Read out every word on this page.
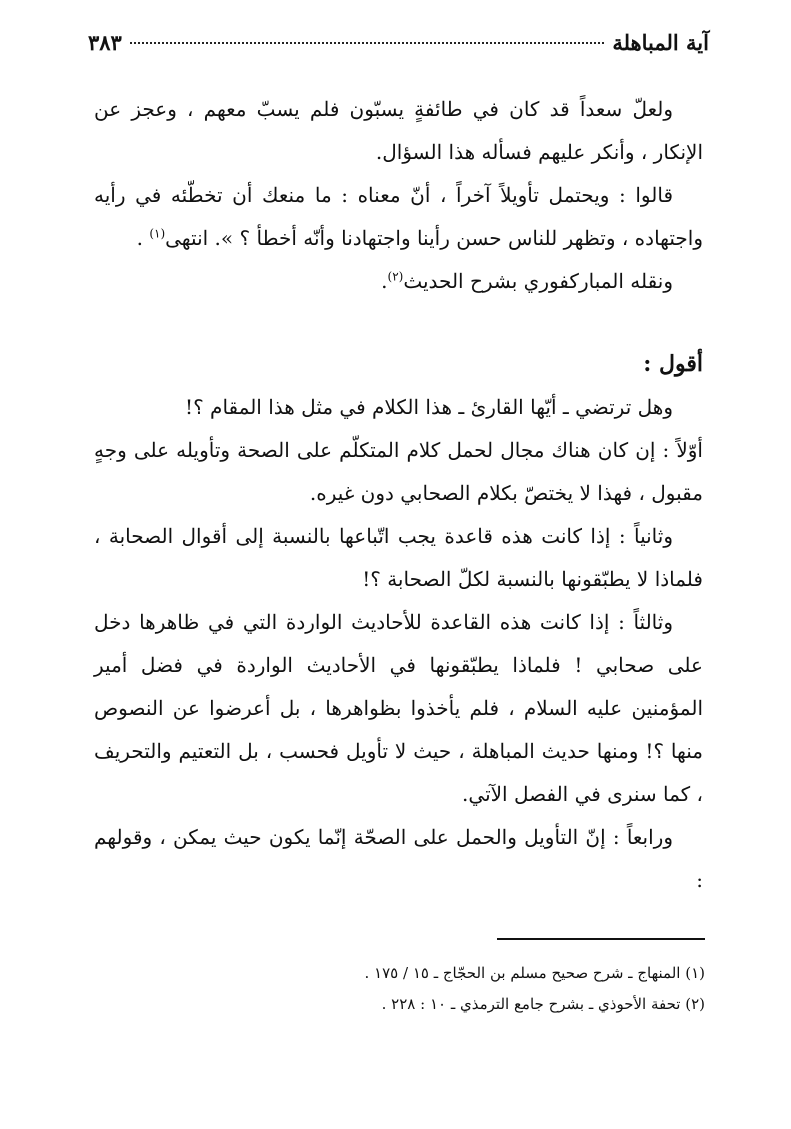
آية المباهلة
٣٨٣

ولعلّ سعداً قد كان في طائفةٍ يسبّون فلم يسبّ معهم ، وعجز عن الإنكار ، وأنكر عليهم فسأله هذا السؤال.

قالوا : ويحتمل تأويلاً آخراً ، أنّ معناه : ما منعك أن تخطّئه في رأيه واجتهاده ، وتظهر للناس حسن رأينا واجتهادنا وأنّه أخطأ ؟ ». انتهى$^{(١)}$ .

ونقله المباركفوري بشرح الحديث$^{(٢)}$.

أقول :

وهل ترتضي ـ أيّها القارئ ـ هذا الكلام في مثل هذا المقام ؟!

أوّلاً : إن كان هناك مجال لحمل كلام المتكلّم على الصحة وتأويله على وجهٍ مقبول ، فهذا لا يختصّ بكلام الصحابي دون غيره.

وثانياً : إذا كانت هذه قاعدة يجب اتّباعها بالنسبة إلى أقوال الصحابة ، فلماذا لا يطبّقونها بالنسبة لكلّ الصحابة ؟!

وثالثاً : إذا كانت هذه القاعدة للأحاديث الواردة التي في ظاهرها دخل على صحابي ! فلماذا يطبّقونها في الأحاديث الواردة في فضل أمير المؤمنين عليه السلام ، فلم يأخذوا بظواهرها ، بل أعرضوا عن النصوص منها ؟! ومنها حديث المباهلة ، حيث لا تأويل فحسب ، بل التعتيم والتحريف ، كما سنرى في الفصل الآتي.

ورابعاً : إنّ التأويل والحمل على الصحّة إنّما يكون حيث يمكن ، وقولهم :

(١) المنهاج ـ شرح صحيح مسلم بن الحجّاج ـ ١٥ / ١٧٥ .
(٢) تحفة الأحوذي ـ بشرح جامع الترمذي ـ ١٠ : ٢٢٨ .
